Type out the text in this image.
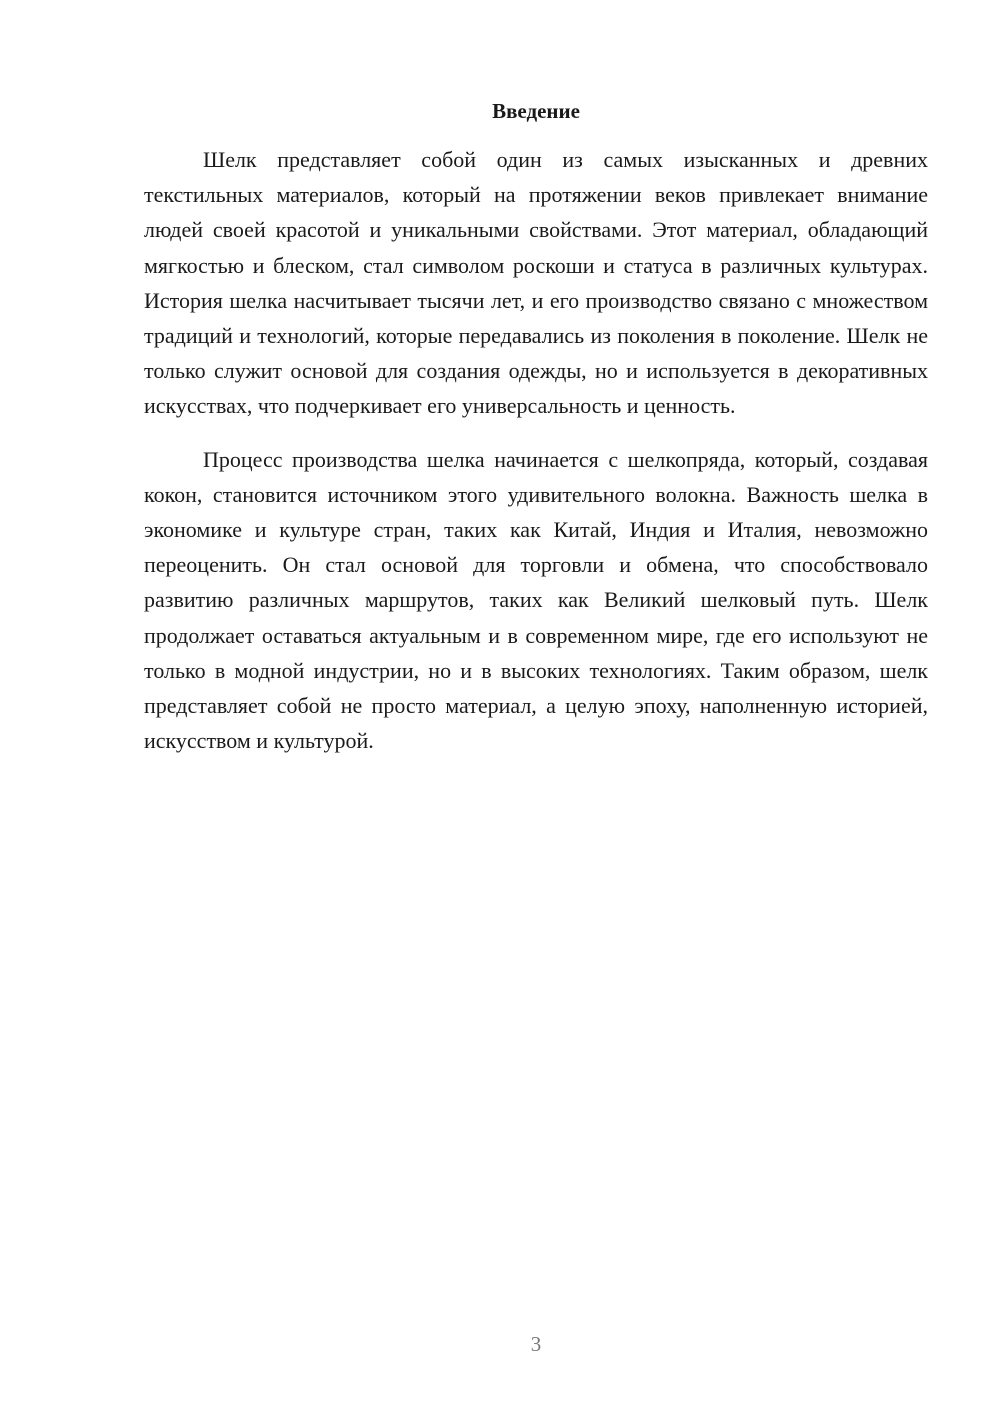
Введение

Шелк представляет собой один из самых изысканных и древних текстильных материалов, который на протяжении веков привлекает внимание людей своей красотой и уникальными свойствами. Этот материал, обладающий мягкостью и блеском, стал символом роскоши и статуса в различных культурах. История шелка насчитывает тысячи лет, и его производство связано с множеством традиций и технологий, которые передавались из поколения в поколение. Шелк не только служит основой для создания одежды, но и используется в декоративных искусствах, что подчеркивает его универсальность и ценность.

Процесс производства шелка начинается с шелкопряда, который, создавая кокон, становится источником этого удивительного волокна. Важность шелка в экономике и культуре стран, таких как Китай, Индия и Италия, невозможно переоценить. Он стал основой для торговли и обмена, что способствовало развитию различных маршрутов, таких как Великий шелковый путь. Шелк продолжает оставаться актуальным и в современном мире, где его используют не только в модной индустрии, но и в высоких технологиях. Таким образом, шелк представляет собой не просто материал, а целую эпоху, наполненную историей, искусством и культурой.

3
